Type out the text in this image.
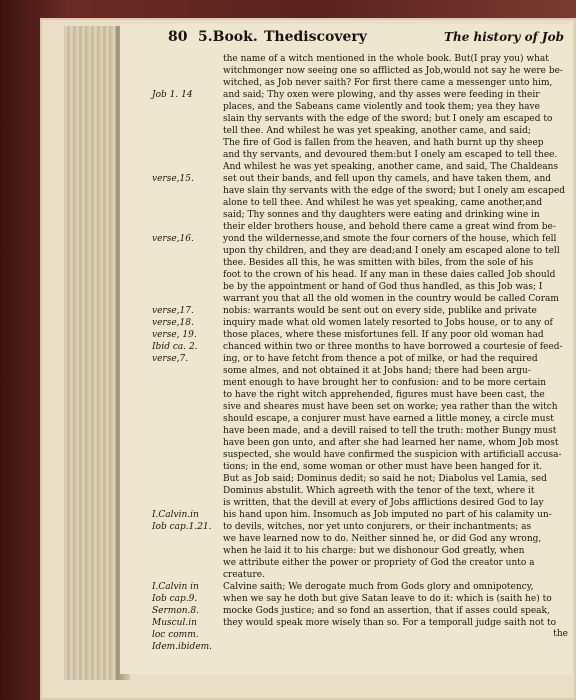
80 5.Book. Thediscovery	The history of Job
Job 1. 14
verse,15.
verse,16.
verse,17.
verse,18.
verse, 19.
Ibid ca. 2.
verse,7.
I.Calvin.in
Iob cap.1.21.
I.Calvin in
Iob cap.9.
Sermon.8.
Muscul.in
loc comm.
Idem.ibidem.
the name of a witch mentioned in the whole book. But(I pray you) what
witchmonger now seeing one so afflicted as Job,would not say he were be-
witched, as Job never saith? For first there came a messenger unto him,
and said; Thy oxen were plowing, and thy asses were feeding in their
places, and the Sabeans came violently and took them; yea they have
slain thy servants with the edge of the sword; but I onely am escaped to
tell thee. And whilest he was yet speaking, another came, and said;
The fire of God is fallen from the heaven, and hath burnt up thy sheep
and thy servants, and devoured them:but I onely am escaped to tell thee.
And whilest he was yet speaking, another came, and said, The Chaldeans
set out their bands, and fell upon thy camels, and have taken them, and
have slain thy servants with the edge of the sword; but I onely am escaped
alone to tell thee. And whilest he was yet speaking, came another,and
said; Thy sonnes and thy daughters were eating and drinking wine in
their elder brothers house, and behold there came a great wind from be-
yond the wildernesse,and smote the four corners of the house, which fell
upon thy children, and they are dead;and I onely am escaped alone to tell
thee. Besides all this, he was smitten with biles, from the sole of his
foot to the crown of his head. If any man in these daies called Job should
be by the appointment or hand of God thus handled, as this Job was; I
warrant you that all the old women in the country would be called Coram
nobis: warrants would be sent out on every side, publike and private
inquiry made what old women lately resorted to Jobs house, or to any of
those places, where these misfortunes fell. If any poor old woman had
chanced within two or three months to have borrowed a courtesie of feed-
ing, or to have fetcht from thence a pot of milke, or had the required
some almes, and not obtained it at Jobs hand; there had been argu-
ment enough to have brought her to confusion: and to be more certain
to have the right witch apprehended, figures must have been cast, the
sive and sheares must have been set on worke; yea rather than the witch
should escape, a conjurer must have earned a little money, a circle must
have been made, and a devill raised to tell the truth: mother Bungy must
have been gon unto, and after she had learned her name, whom Job most
suspected, she would have confirmed the suspicion with artificiall accusa-
tions; in the end, some woman or other must have been hanged for it.
But as Job said; Dominus dedit; so said he not; Diabolus vel Lamia, sed
Dominus abstulit. Which agreeth with the tenor of the text, where it
is written, that the devill at every of Jobs afflictions desired God to lay
his hand upon him. Insomuch as Job imputed no part of his calamity un-
to devils, witches, nor yet unto conjurers, or their inchantments; as
we have learned now to do. Neither sinned he, or did God any wrong,
when he laid it to his charge: but we dishonour God greatly, when
we attribute either the power or propriety of God the creator unto a
creature.
Calvine saith; We derogate much from Gods glory and omnipotency,
when we say he doth but give Satan leave to do it: which is (saith he) to
mocke Gods justice; and so fond an assertion, that if asses could speak,
they would speak more wisely than so. For a temporall judge saith not to
the
